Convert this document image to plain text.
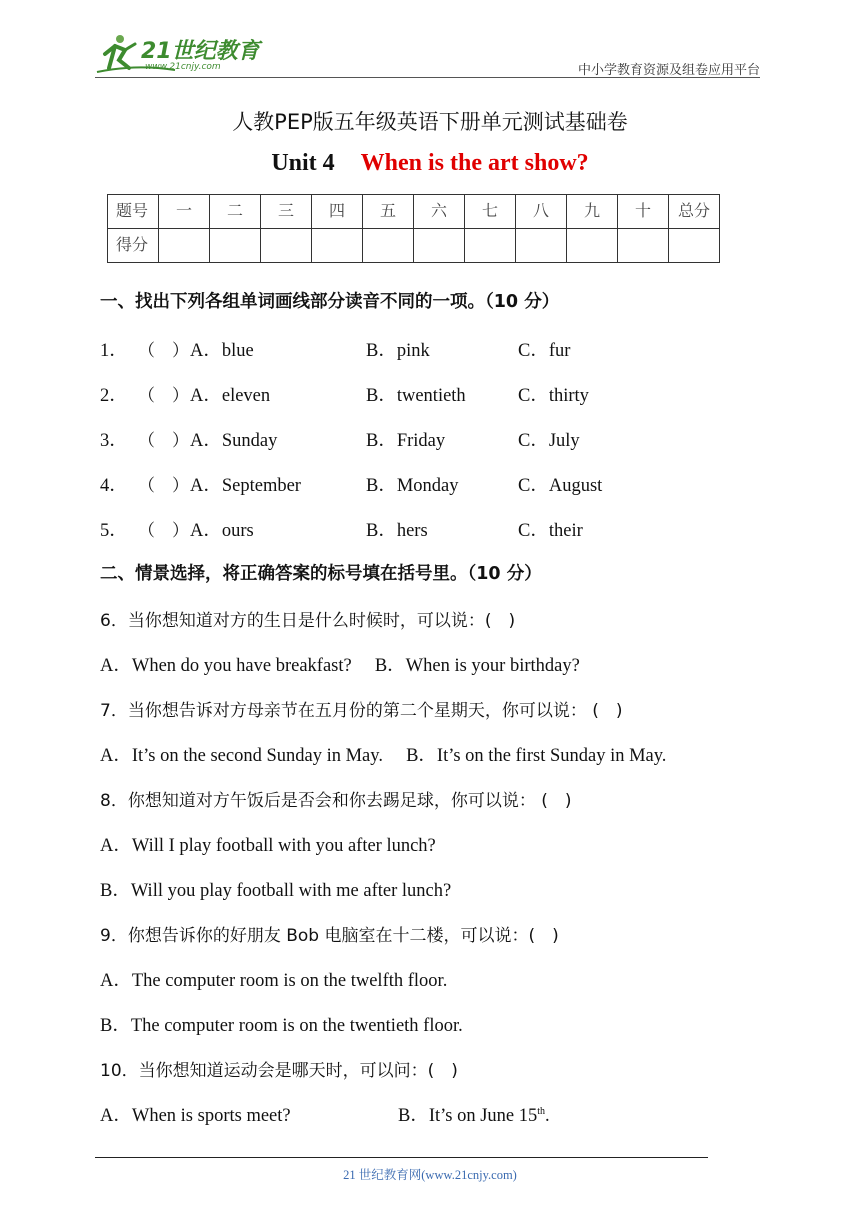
21世纪教育
www.21cnjy.com	中小学教育资源及组卷应用平台
人教PEP版五年级英语下册单元测试基础卷
Unit 4 When is the art show?
题号	一	二	三	四	五	六	七	八	九	十	总分
得分											
一、找出下列各组单词画线部分读音不同的一项。（10 分）
1． （　） A．blue	B．pink	C．fur
2． （　） A．eleven	B．twentieth	C．thirty
3． （　） A．Sunday	B．Friday	C．July
4． （　） A．September	B．Monday	C．August
5． （　） A．ours	B．hers	C．their
二、情景选择，将正确答案的标号填在括号里。（10 分）
6．当你想知道对方的生日是什么时候时，可以说：(　)
A．When do you have breakfast?　 B．When is your birthday?
7．当你想告诉对方母亲节在五月份的第二个星期天，你可以说： (　)
A．It’s on the second Sunday in May.　 B．It’s on the first Sunday in May.
8．你想知道对方午饭后是否会和你去踢足球，你可以说： (　)
A．Will I play football with you after lunch?
B．Will you play football with me after lunch?
9．你想告诉你的好朋友 Bob 电脑室在十二楼，可以说：(　)
A．The computer room is on the twelfth floor.
B．The computer room is on the twentieth floor.
10．当你想知道运动会是哪天时，可以问：(　)
A．When is sports meet?	B．It’s on June 15th.
21 世纪教育网(www.21cnjy.com)
